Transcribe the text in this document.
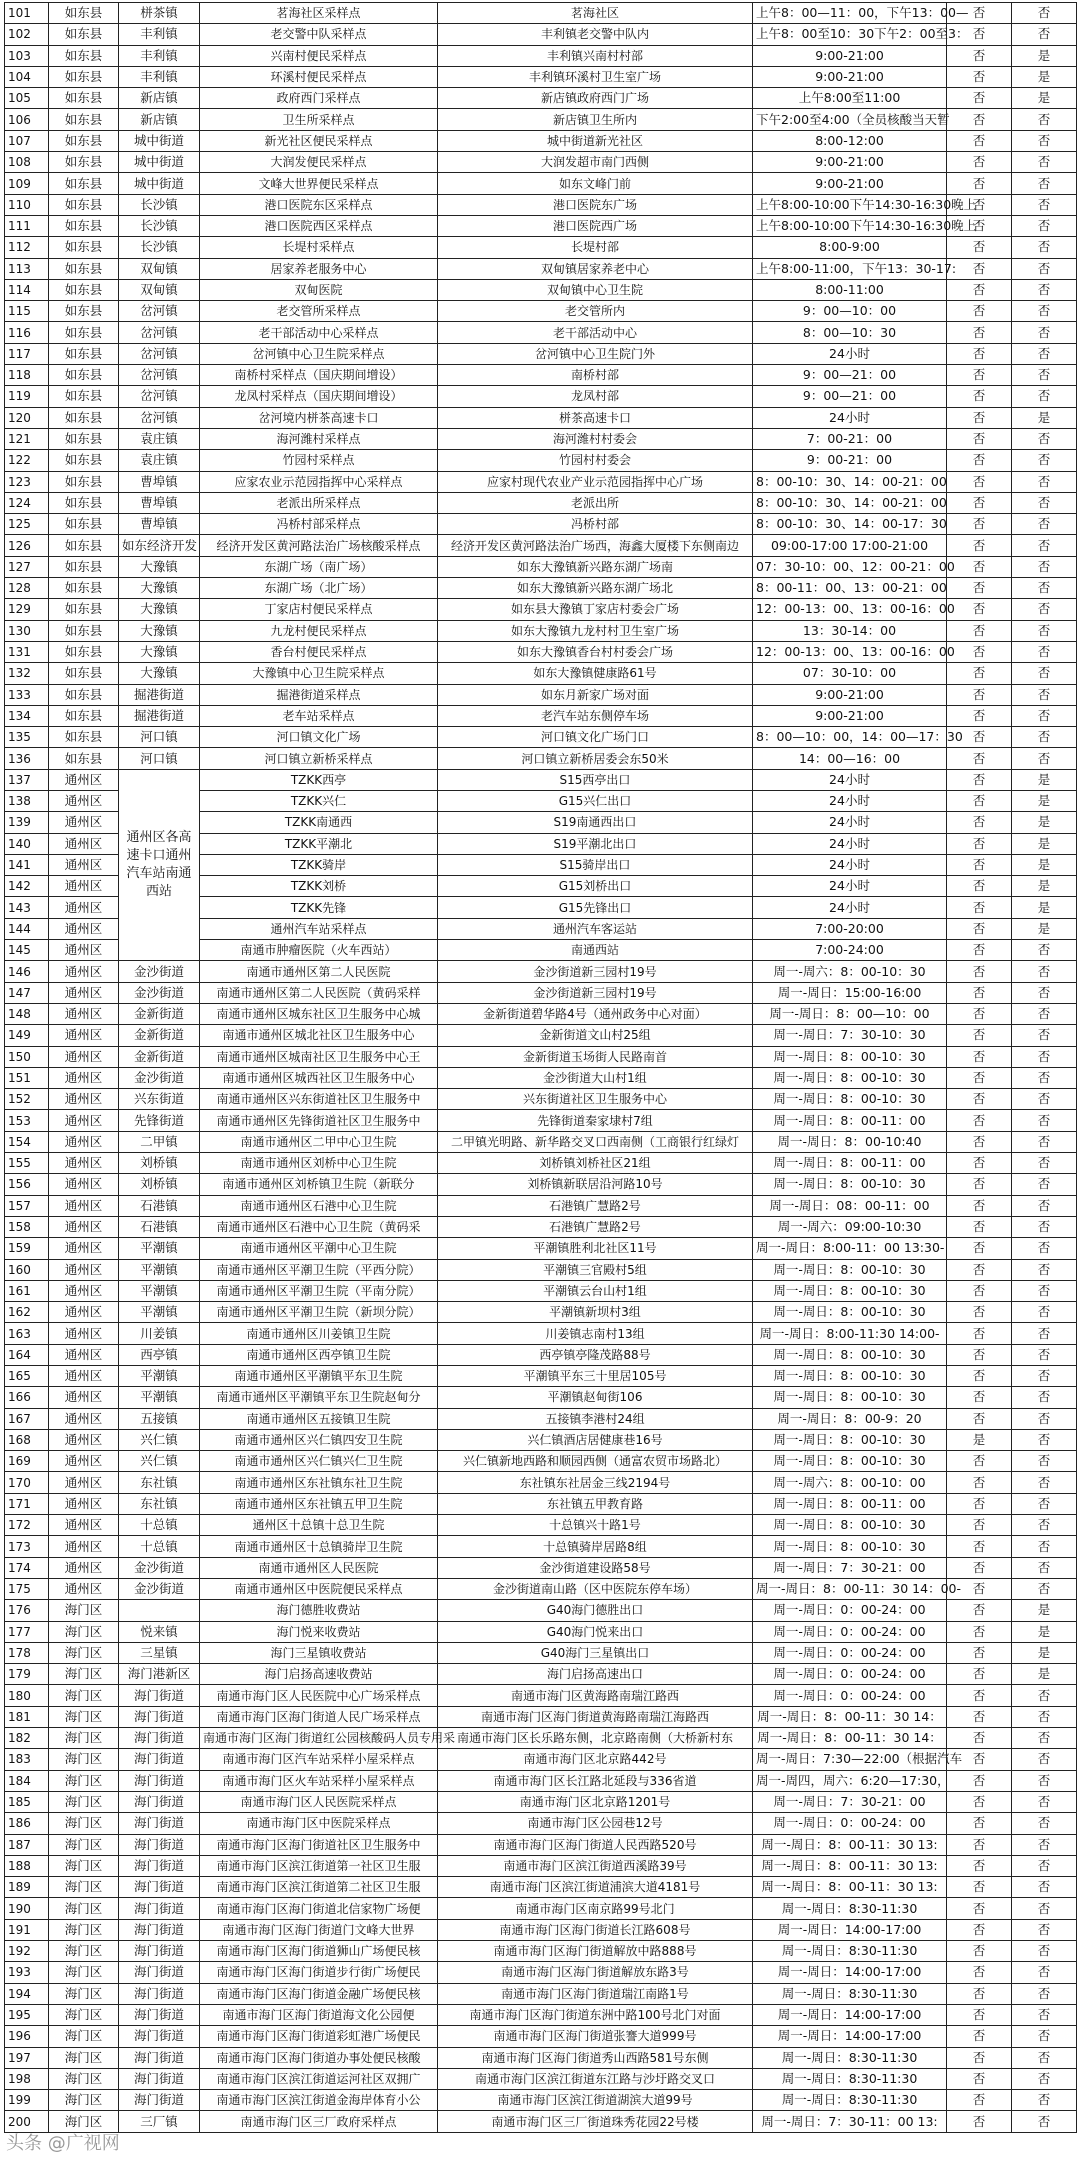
101	如东县	栟茶镇	茗海社区采样点	茗海社区	上午8：00—11：00，下午13：00—	否	否
102	如东县	丰利镇	老交警中队采样点	丰利镇老交警中队内	上午8：00至10：30下午2：00至3：	否	否
103	如东县	丰利镇	兴南村便民采样点	丰利镇兴南村村部	9:00-21:00	否	是
104	如东县	丰利镇	环溪村便民采样点	丰利镇环溪村卫生室广场	9:00-21:00	否	是
105	如东县	新店镇	政府西门采样点	新店镇政府西门广场	上午8:00至11:00	否	是
106	如东县	新店镇	卫生所采样点	新店镇卫生所内	下午2:00至4:00（全员核酸当天暂	否	否
107	如东县	城中街道	新光社区便民采样点	城中街道新光社区	8:00-12:00	否	否
108	如东县	城中街道	大润发便民采样点	大润发超市南门西侧	9:00-21:00	否	否
109	如东县	城中街道	文峰大世界便民采样点	如东文峰门前	9:00-21:00	否	否
110	如东县	长沙镇	港口医院东区采样点	港口医院东广场	上午8:00-10:00下午14:30-16:30晚上	否	否
111	如东县	长沙镇	港口医院西区采样点	港口医院西广场	上午8:00-10:00下午14:30-16:30晚上	否	否
112	如东县	长沙镇	长堤村采样点	长堤村部	8:00-9:00	否	否
113	如东县	双甸镇	居家养老服务中心	双甸镇居家养老中心	上午8:00-11:00，下午13：30-17:	否	否
114	如东县	双甸镇	双甸医院	双甸镇中心卫生院	8:00-11:00	否	否
115	如东县	岔河镇	老交管所采样点	老交管所内	9：00—10：00	否	否
116	如东县	岔河镇	老干部活动中心采样点	老干部活动中心	8：00—10：30	否	否
117	如东县	岔河镇	岔河镇中心卫生院采样点	岔河镇中心卫生院门外	24小时	否	否
118	如东县	岔河镇	南桥村采样点（国庆期间增设）	南桥村部	9：00—21：00	否	否
119	如东县	岔河镇	龙凤村采样点（国庆期间增设）	龙凤村部	9：00—21：00	否	否
120	如东县	岔河镇	岔河境内栟茶高速卡口	栟茶高速卡口	24小时	否	是
121	如东县	袁庄镇	海河潍村采样点	海河潍村村委会	7：00-21：00	否	否
122	如东县	袁庄镇	竹园村采样点	竹园村村委会	9：00-21：00	否	否
123	如东县	曹埠镇	应家农业示范园指挥中心采样点	应家村现代农业产业示范园指挥中心广场	8：00-10：30、14：00-21：00	否	否
124	如东县	曹埠镇	老派出所采样点	老派出所	8：00-10：30、14：00-21：00	否	否
125	如东县	曹埠镇	冯桥村部采样点	冯桥村部	8：00-10：30、14：00-17：30	否	否
126	如东县	如东经济开发	经济开发区黄河路法治广场核酸采样点	经济开发区黄河路法治广场西，海鑫大厦楼下东侧南边	09:00-17:00 17:00-21:00	否	否
127	如东县	大豫镇	东湖广场（南广场）	如东大豫镇新兴路东湖广场南	07：30-10：00、12：00-21：00	否	否
128	如东县	大豫镇	东湖广场（北广场）	如东大豫镇新兴路东湖广场北	8：00-11：00、13：00-21：00	否	否
129	如东县	大豫镇	丁家店村便民采样点	如东县大豫镇丁家店村委会广场	12：00-13：00、13：00-16：00	否	否
130	如东县	大豫镇	九龙村便民采样点	如东大豫镇九龙村村卫生室广场	13：30-14：00	否	否
131	如东县	大豫镇	香台村便民采样点	如东大豫镇香台村村委会广场	12：00-13：00、13：00-16：00	否	否
132	如东县	大豫镇	大豫镇中心卫生院采样点	如东大豫镇健康路61号	07：30-10：00	否	否
133	如东县	掘港街道	掘港街道采样点	如东月新家广场对面	9:00-21:00	否	否
134	如东县	掘港街道	老车站采样点	老汽车站东侧停车场	9:00-21:00	否	否
135	如东县	河口镇	河口镇文化广场	河口镇文化广场门口	8：00—10：00，14：00—17：30	否	否
136	如东县	河口镇	河口镇立新桥采样点	河口镇立新桥居委会东50米	14：00—16：00	否	否
137	通州区	通州区各高速卡口通州汽车站南通西站	TZKK西亭	S15西亭出口	24小时	否	是
138	通州区		TZKK兴仁	G15兴仁出口	24小时	否	是
139	通州区		TZKK南通西	S19南通西出口	24小时	否	是
140	通州区		TZKK平潮北	S19平潮北出口	24小时	否	是
141	通州区		TZKK骑岸	S15骑岸出口	24小时	否	是
142	通州区		TZKK刘桥	G15刘桥出口	24小时	否	是
143	通州区		TZKK先锋	G15先锋出口	24小时	否	是
144	通州区		通州汽车站采样点	通州汽车客运站	7:00-20:00	否	是
145	通州区		南通市肿瘤医院（火车西站）	南通西站	7:00-24:00	否	否
146	通州区	金沙街道	南通市通州区第二人民医院	金沙街道新三园村19号	周一-周六：8：00-10：30	否	否
147	通州区	金沙街道	南通市通州区第二人民医院（黄码采样	金沙街道新三园村19号	周一-周日：15:00-16:00	否	否
148	通州区	金新街道	南通市通州区城东社区卫生服务中心城	金新街道碧华路4号（通州政务中心对面）	周一-周日：8：00—10：00	否	否
149	通州区	金新街道	南通市通州区城北社区卫生服务中心	金新街道文山村25组	周一-周日：7：30-10：30	否	否
150	通州区	金新街道	南通市通州区城南社区卫生服务中心王	金新街道玉场街人民路南首	周一-周日：8：00-10：30	否	否
151	通州区	金沙街道	南通市通州区城西社区卫生服务中心	金沙街道大山村1组	周一-周日：8：00-10：30	否	否
152	通州区	兴东街道	南通市通州区兴东街道社区卫生服务中	兴东街道社区卫生服务中心	周一-周日：8：00-10：30	否	否
153	通州区	先锋街道	南通市通州区先锋街道社区卫生服务中	先锋街道秦家埭村7组	周一-周日：8：00-11：00	否	否
154	通州区	二甲镇	南通市通州区二甲中心卫生院	二甲镇光明路、新华路交叉口西南侧（工商银行红绿灯	周一-周日：8：00-10:40	否	否
155	通州区	刘桥镇	南通市通州区刘桥中心卫生院	刘桥镇刘桥社区21组	周一-周日：8：00-11：00	否	否
156	通州区	刘桥镇	南通市通州区刘桥镇卫生院（新联分	刘桥镇新联居沿河路10号	周一-周日：8：00-10：30	否	否
157	通州区	石港镇	南通市通州区石港中心卫生院	石港镇广慧路2号	周一-周日：08：00-11：00	否	否
158	通州区	石港镇	南通市通州区石港中心卫生院（黄码采	石港镇广慧路2号	周一-周六：09:00-10:30	否	否
159	通州区	平潮镇	南通市通州区平潮中心卫生院	平潮镇胜利北社区11号	周一-周日：8:00-11：00 13:30-	否	否
160	通州区	平潮镇	南通市通州区平潮卫生院（平西分院）	平潮镇三官殿村5组	周一-周日：8：00-10：30	否	否
161	通州区	平潮镇	南通市通州区平潮卫生院（平南分院）	平潮镇云台山村1组	周一-周日：8：00-10：30	否	否
162	通州区	平潮镇	南通市通州区平潮卫生院（新坝分院）	平潮镇新坝村3组	周一-周日：8：00-10：30	否	否
163	通州区	川姜镇	南通市通州区川姜镇卫生院	川姜镇志南村13组	周一-周日：8:00-11:30 14:00-	否	否
164	通州区	西亭镇	南通市通州区西亭镇卫生院	西亭镇亭隆茂路88号	周一-周日：8：00-10：30	否	否
165	通州区	平潮镇	南通市通州区平潮镇平东卫生院	平潮镇平东三十里居105号	周一-周日：8：00-10：30	否	否
166	通州区	平潮镇	南通市通州区平潮镇平东卫生院赵甸分	平潮镇赵甸街106	周一-周日：8：00-10：30	否	否
167	通州区	五接镇	南通市通州区五接镇卫生院	五接镇李港村24组	周一-周日：8：00-9：20	否	否
168	通州区	兴仁镇	南通市通州区兴仁镇四安卫生院	兴仁镇酒店居健康巷16号	周一-周日：8：00-10：30	是	否
169	通州区	兴仁镇	南通市通州区兴仁镇兴仁卫生院	兴仁镇新地西路和顺园西侧（通富农贸市场路北）	周一-周日：8：00-10：30	否	否
170	通州区	东社镇	南通市通州区东社镇东社卫生院	东社镇东社居金三线2194号	周一-周六：8：00-10：00	否	否
171	通州区	东社镇	南通市通州区东社镇五甲卫生院	东社镇五甲教育路	周一-周日：8：00-11：00	否	否
172	通州区	十总镇	通州区十总镇十总卫生院	十总镇兴十路1号	周一-周日：8：00-10：30	否	否
173	通州区	十总镇	南通市通州区十总镇骑岸卫生院	十总镇骑岸居路8组	周一-周日：8：00-10：30	否	否
174	通州区	金沙街道	南通市通州区人民医院	金沙街道建设路58号	周一-周日：7：30-21：00	否	否
175	通州区	金沙街道	南通市通州区中医院便民采样点	金沙街道南山路（区中医院东停车场）	周一-周日：8：00-11：30 14：00-	否	否
176	海门区		海门德胜收费站	G40海门德胜出口	周一-周日：0：00-24：00	否	是
177	海门区	悦来镇	海门悦来收费站	G40海门悦来出口	周一-周日：0：00-24：00	否	是
178	海门区	三星镇	海门三星镇收费站	G40海门三星镇出口	周一-周日：0：00-24：00	否	是
179	海门区	海门港新区	海门启扬高速收费站	海门启扬高速出口	周一-周日：0：00-24：00	否	是
180	海门区	海门街道	南通市海门区人民医院中心广场采样点	南通市海门区黄海路南瑞江路西	周一-周日：0：00-24：00	否	否
181	海门区	海门街道	南通市海门区海门街道人民广场采样点	南通市海门区海门街道黄海路南瑞江海路西	周一-周日：8：00-11：30 14：	否	否
182	海门区	海门街道	南通市海门区海门街道红公园核酸码人员专用采	南通市海门区长乐路东侧，北京路南侧（大桥新村东	周一-周日：8：00-11：30 14：	否	否
183	海门区	海门街道	南通市海门区汽车站采样小屋采样点	南通市海门区北京路442号	周一-周日：7:30—22:00（根据汽车	否	否
184	海门区	海门街道	南通市海门区火车站采样小屋采样点	南通市海门区长江路北延段与336省道	周一-周四，周六：6:20—17:30，	否	否
185	海门区	海门街道	南通市海门区人民医院采样点	南通市海门区北京路1201号	周一-周日：7：30-21：00	否	否
186	海门区	海门街道	南通市海门区中医院采样点	南通市海门区公园巷12号	周一-周日：0：00-24：00	否	否
187	海门区	海门街道	南通市海门区海门街道社区卫生服务中	南通市海门区海门街道人民西路520号	周一-周日：8：00-11：30 13:	否	否
188	海门区	海门街道	南通市海门区滨江街道第一社区卫生服	南通市海门区滨江街道西溪路39号	周一-周日：8：00-11：30 13:	否	否
189	海门区	海门街道	南通市海门区滨江街道第二社区卫生服	南通市海门区滨江街道浦滨大道4181号	周一-周日：8：00-11：30 13:	否	否
190	海门区	海门街道	南通市海门区海门街道北信家物广场便	南通市海门区南京路99号北门	周一-周日：8:30-11:30	否	否
191	海门区	海门街道	南通市海门区海门街道门文峰大世界	南通市海门区海门街道长江路608号	周一-周日：14:00-17:00	否	否
192	海门区	海门街道	南通市海门区海门街道狮山广场便民核	南通市海门区海门街道解放中路888号	周一-周日：8:30-11:30	否	否
193	海门区	海门街道	南通市海门区海门街道步行街广场便民	南通市海门区海门街道解放东路3号	周一-周日：14:00-17:00	否	否
194	海门区	海门街道	南通市海门区海门街道金融广场便民核	南通市海门区海门街道瑞江南路1号	周一-周日：8:30-11:30	否	否
195	海门区	海门街道	南通市海门区海门街道海文化公园便	南通市海门区海门街道东洲中路100号北门对面	周一-周日：14:00-17:00	否	否
196	海门区	海门街道	南通市海门区海门街道彩虹港广场便民	南通市海门区海门街道张謇大道999号	周一-周日：14:00-17:00	否	否
197	海门区	海门街道	南通市海门区海门街道办事处便民核酸	南通市海门区海门街道秀山西路581号东侧	周一-周日：8:30-11:30	否	否
198	海门区	海门街道	南通市海门区滨江街道运河社区双拥广	南通市海门区滨江街道东江路与沙圩路交叉口	周一-周日：8:30-11:30	否	否
199	海门区	海门街道	南通市海门区滨江街道金海岸体育小公	南通市海门区滨江街道湖滨大道99号	周一-周日：8:30-11:30	否	否
200	海门区	三厂镇	南通市海门区三厂政府采样点	南通市海门区三厂街道珠秀花园22号楼	周一-周日：7：30-11：00 13:	否	否
头条 @广视网
